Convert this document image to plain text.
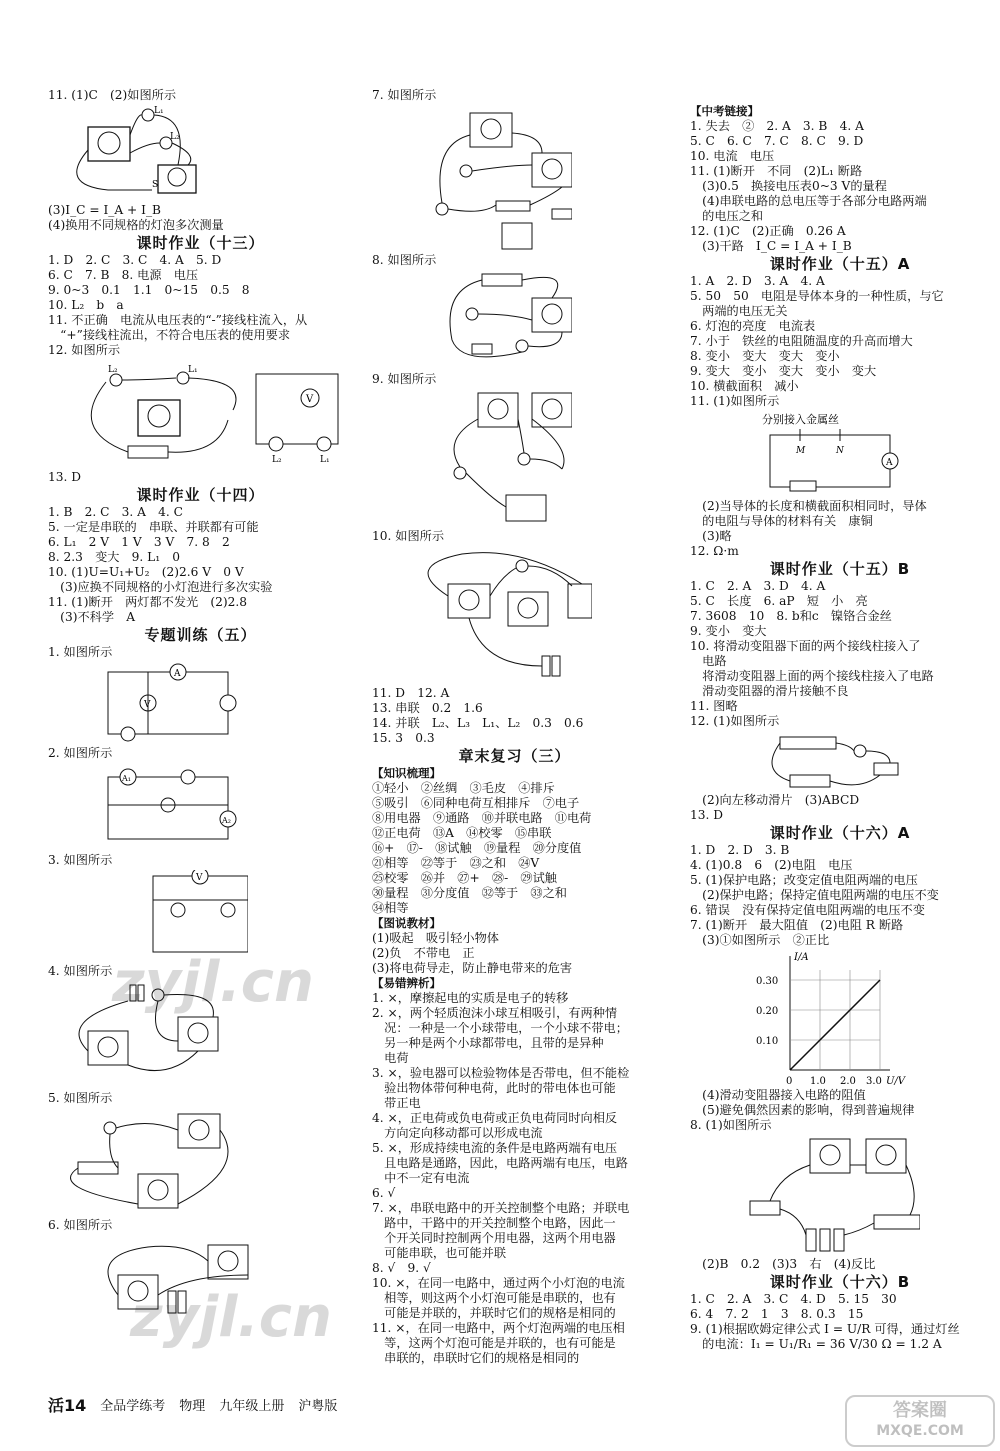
11. (1)C　(2)如图所示
L₁
L₂
S
(3)I_C = I_A + I_B
(4)换用不同规格的灯泡多次测量
课时作业（十三）
1. D　2. C　3. C　4. A　5. D
6. C　7. B　8. 电源　电压
9. 0~3　0.1　1.1　0~15　0.5　8
10. L₂　b　a
11. 不正确　电流从电压表的“-”接线柱流入，从
　“+”接线柱流出，不符合电压表的使用要求
12. 如图所示
L₂	L₁
V
L₂	L₁
13. D
课时作业（十四）
1. B　2. C　3. A　4. C
5. 一定是串联的　串联、并联都有可能
6. L₁　2 V　1 V　3 V　7. 8　2
8. 2.3　变大　9. L₁　0
10. (1)U=U₁+U₂　(2)2.6 V　0 V
　(3)应换不同规格的小灯泡进行多次实验
11. (1)断开　两灯都不发光　(2)2.8
　(3)不科学　A
专题训练（五）
1. 如图所示
A
V
2. 如图所示
A₁
A₂
3. 如图所示
V
4. 如图所示
5. 如图所示
6. 如图所示
7. 如图所示
8. 如图所示
9. 如图所示
10. 如图所示
11. D　12. A
13. 串联　0.2　1.6
14. 并联　L₂、L₃　L₁、L₂　0.3　0.6
15. 3　0.3
章末复习（三）
【知识梳理】
①轻小　②丝绸　③毛皮　④排斥
⑤吸引　⑥同种电荷互相排斥　⑦电子
⑧用电器　⑨通路　⑩并联电路　⑪电荷
⑫正电荷　⑬A　⑭校零　⑮串联
⑯+　⑰-　⑱试触　⑲量程　⑳分度值
㉑相等　㉒等于　㉓之和　㉔V
㉕校零　㉖并　㉗+　㉘-　㉙试触
㉚量程　㉛分度值　㉜等于　㉝之和
㉞相等
【图说教材】
(1)吸起　吸引轻小物体
(2)负　不带电　正
(3)将电荷导走，防止静电带来的危害
【易错辨析】
1. ×，摩擦起电的实质是电子的转移
2. ×，两个轻质泡沫小球互相吸引，有两种情
　况：一种是一个小球带电，一个小球不带电；
　另一种是两个小球都带电，且带的是异种
　电荷
3. ×，验电器可以检验物体是否带电，但不能检
　验出物体带何种电荷，此时的带电体也可能
　带正电
4. ×，正电荷或负电荷或正负电荷同时向相反
　方向定向移动都可以形成电流
5. ×，形成持续电流的条件是电路两端有电压
　且电路是通路，因此，电路两端有电压，电路
　中不一定有电流
6. √
7. ×，串联电路中的开关控制整个电路；并联电
　路中，干路中的开关控制整个电路，因此一
　个开关同时控制两个用电器，这两个用电器
　可能串联，也可能并联
8. √　9. √
10. ×，在同一电路中，通过两个小灯泡的电流
　相等，则这两个小灯泡可能是串联的，也有
　可能是并联的，并联时它们的规格是相同的
11. ×，在同一电路中，两个灯泡两端的电压相
　等，这两个灯泡可能是并联的，也有可能是
　串联的，串联时它们的规格是相同的
【中考链接】
1. 失去　②　2. A　3. B　4. A
5. C　6. C　7. C　8. C　9. D
10. 电流　电压
11. (1)断开　不同　(2)L₁ 断路
　(3)0.5　换接电压表0~3 V的量程
　(4)串联电路的总电压等于各部分电路两端
　的电压之和
12. (1)C　(2)正确　0.26 A
　(3)干路　I_C = I_A + I_B
课时作业（十五）A
1. A　2. D　3. A　4. A
5. 50　50　电阻是导体本身的一种性质，与它
　两端的电压无关
6. 灯泡的亮度　电流表
7. 小于　铁丝的电阻随温度的升高而增大
8. 变小　变大　变大　变小
9. 变大　变小　变大　变小　变大
10. 横截面积　减小
11. (1)如图所示
分别接入金属丝
A
M	N
　(2)当导体的长度和横截面积相同时，导体
　的电阻与导体的材料有关　康铜
　(3)略
12. Ω·m
课时作业（十五）B
1. C　2. A　3. D　4. A
5. C　长度　6. aP　短　小　亮
7. 3608　10　8. b和c　镍铬合金丝
9. 变小　变大
10. 将滑动变阻器下面的两个接线柱接入了
　电路
　将滑动变阻器上面的两个接线柱接入了电路
　滑动变阻器的滑片接触不良
11. 图略
12. (1)如图所示
　(2)向左移动滑片　(3)ABCD
13. D
课时作业（十六）A
1. D　2. D　3. B
4. (1)0.8　6　(2)电阻　电压
5. (1)保护电路；改变定值电阻两端的电压
　(2)保护电路；保持定值电阻两端的电压不变
6. 错误　没有保持定值电阻两端的电压不变
7. (1)断开　最大阻值　(2)电阻 R 断路
　(3)①如图所示　②正比
I/A
U/V
0.10
0.20
0.30
0 1.0 2.0 3.0
　(4)滑动变阻器接入电路的阻值
　(5)避免偶然因素的影响，得到普遍规律
8. (1)如图所示
　(2)B　0.2　(3)3　右　(4)反比
课时作业（十六）B
1. C　2. A　3. C　4. D　5. 15　30
6. 4　7. 2　1　3　8. 0.3　15
9. (1)根据欧姆定律公式 I = U/R 可得，通过灯丝
　的电流：I₁ = U₁/R₁ = 36 V/30 Ω = 1.2 A
zyjl.cn
zyjl.cn
答案圈
MXQE.COM
活14 全品学练考 物理 九年级上册 沪粤版
